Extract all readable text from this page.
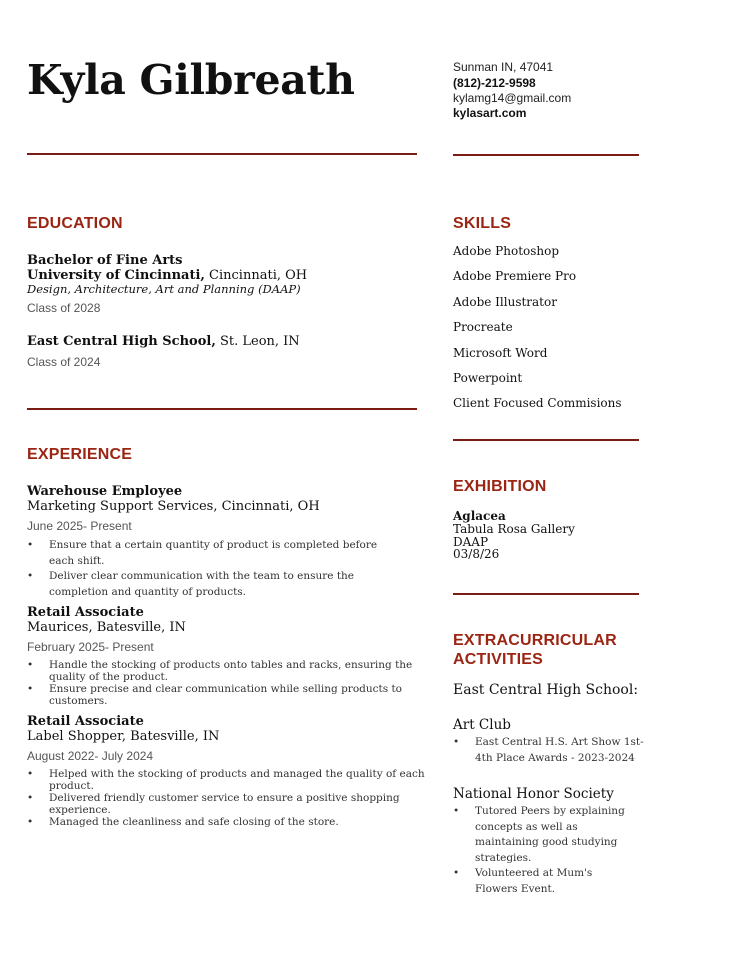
Kyla Gilbreath	Sunman IN, 47041
(812)-212-9598
kylamg14@gmail.com
kylasart.com
EDUCATION
Bachelor of Fine Arts
University of Cincinnati, Cincinnati, OH
Design, Architecture, Art and Planning (DAAP)
Class of 2028
East Central High School, St. Leon, IN
Class of 2024
EXPERIENCE
Warehouse Employee
Marketing Support Services, Cincinnati, OH
June 2025- Present
• Ensure that a certain quantity of product is completed before each shift.
• Deliver clear communication with the team to ensure the completion and quantity of products.
Retail Associate
Maurices, Batesville, IN
February 2025- Present
• Handle the stocking of products onto tables and racks, ensuring the quality of the product.
• Ensure precise and clear communication while selling products to customers.
Retail Associate
Label Shopper, Batesville, IN
August 2022- July 2024
• Helped with the stocking of products and managed the quality of each product.
• Delivered friendly customer service to ensure a positive shopping experience.
• Managed the cleanliness and safe closing of the store.
SKILLS
Adobe Photoshop
Adobe Premiere Pro
Adobe Illustrator
Procreate
Microsoft Word
Powerpoint
Client Focused Commisions
EXHIBITION
Aglacea
Tabula Rosa Gallery
DAAP
03/8/26
EXTRACURRICULAR
ACTIVITIES
East Central High School:
Art Club
• East Central H.S. Art Show 1st-4th Place Awards - 2023-2024
National Honor Society
• Tutored Peers by explaining concepts as well as maintaining good studying strategies.
• Volunteered at Mum's Flowers Event.
